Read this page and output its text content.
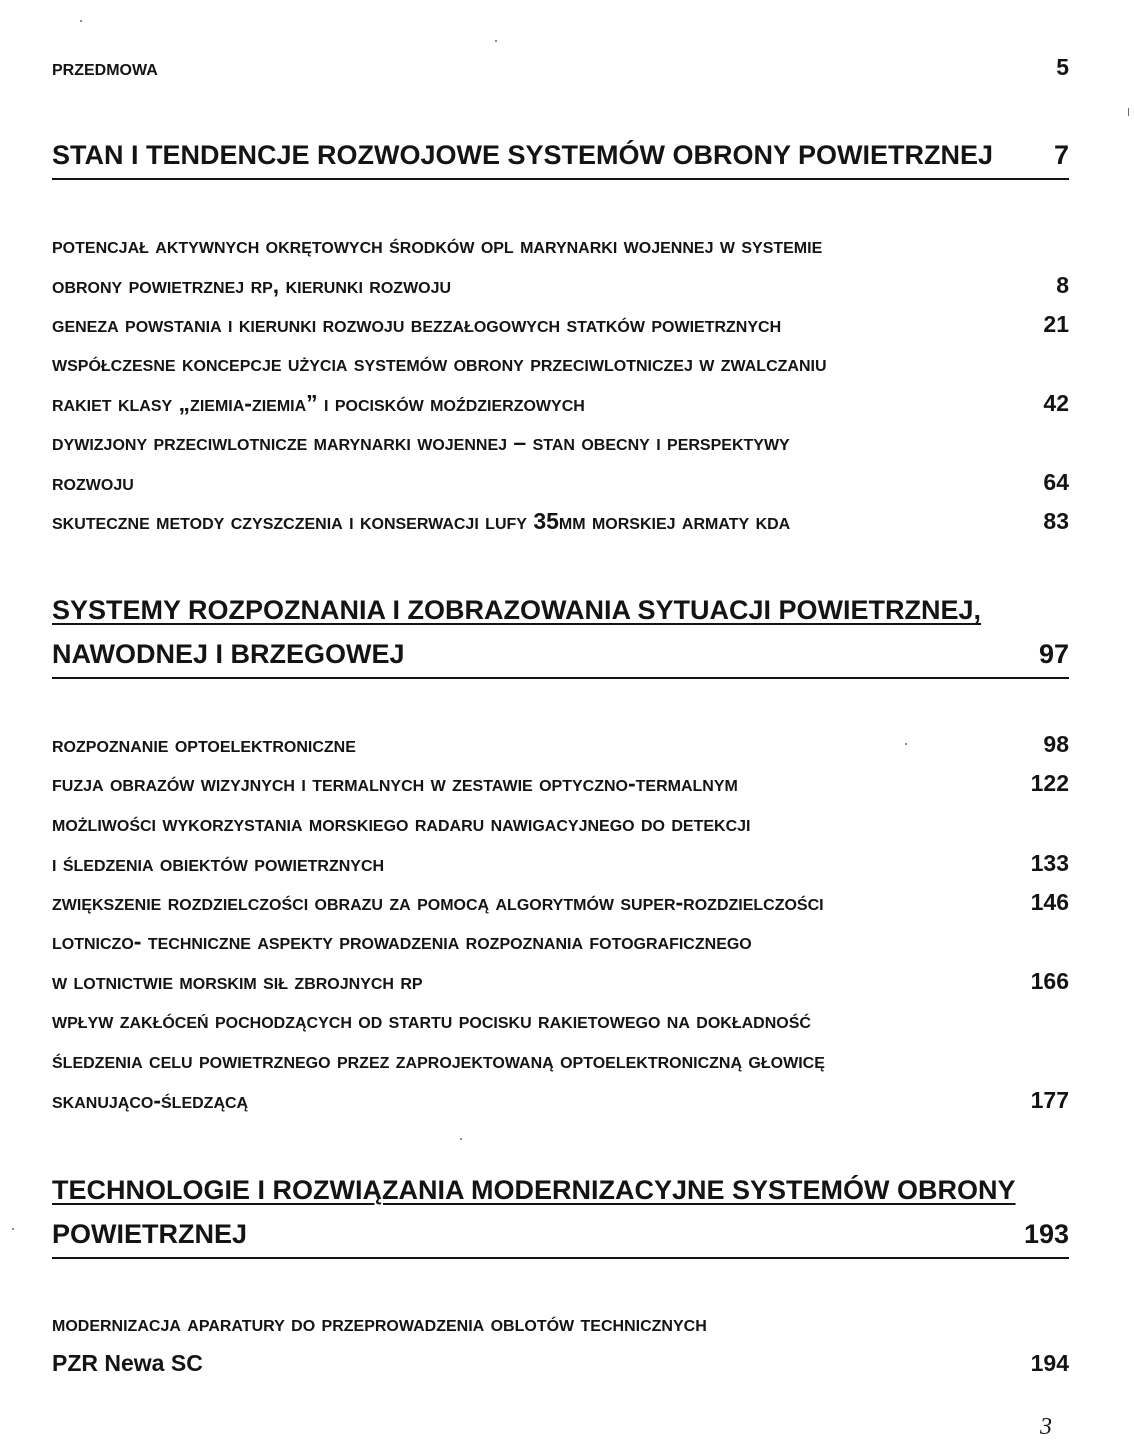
przedmowa	5
STAN I TENDENCJE ROZWOJOWE SYSTEMÓW OBRONY POWIETRZNEJ 7
potencjał aktywnych okrętowych środków opl marynarki wojennej w systemie
obrony powietrznej rp, kierunki rozwoju	8
geneza powstania i kierunki rozwoju bezzałogowych statków powietrznych	21
współczesne koncepcje użycia systemów obrony przeciwlotniczej w zwalczaniu
rakiet klasy „ziemia-ziemia” i pocisków moździerzowych	42
dywizjony przeciwlotnicze marynarki wojennej – stan obecny i perspektywy
rozwoju	64
skuteczne metody czyszczenia i konserwacji lufy 35mm morskiej armaty kda	83
SYSTEMY ROZPOZNANIA I ZOBRAZOWANIA SYTUACJI POWIETRZNEJ,
NAWODNEJ I BRZEGOWEJ	97
rozpoznanie optoelektroniczne	98
fuzja obrazów wizyjnych i termalnych w zestawie optyczno-termalnym	122
możliwości wykorzystania morskiego radaru nawigacyjnego do detekcji
i śledzenia obiektów powietrznych	133
zwiększenie rozdzielczości obrazu za pomocą algorytmów super-rozdzielczości	146
lotniczo- techniczne aspekty prowadzenia rozpoznania fotograficznego
w lotnictwie morskim sił zbrojnych rp	166
wpływ zakłóceń pochodzących od startu pocisku rakietowego na dokładność
śledzenia celu powietrznego przez zaprojektowaną optoelektroniczną głowicę
skanująco-śledzącą	177
TECHNOLOGIE I ROZWIĄZANIA MODERNIZACYJNE SYSTEMÓW OBRONY
POWIETRZNEJ	193
modernizacja aparatury do przeprowadzenia oblotów technicznych
PZR Newa SC	194
3
